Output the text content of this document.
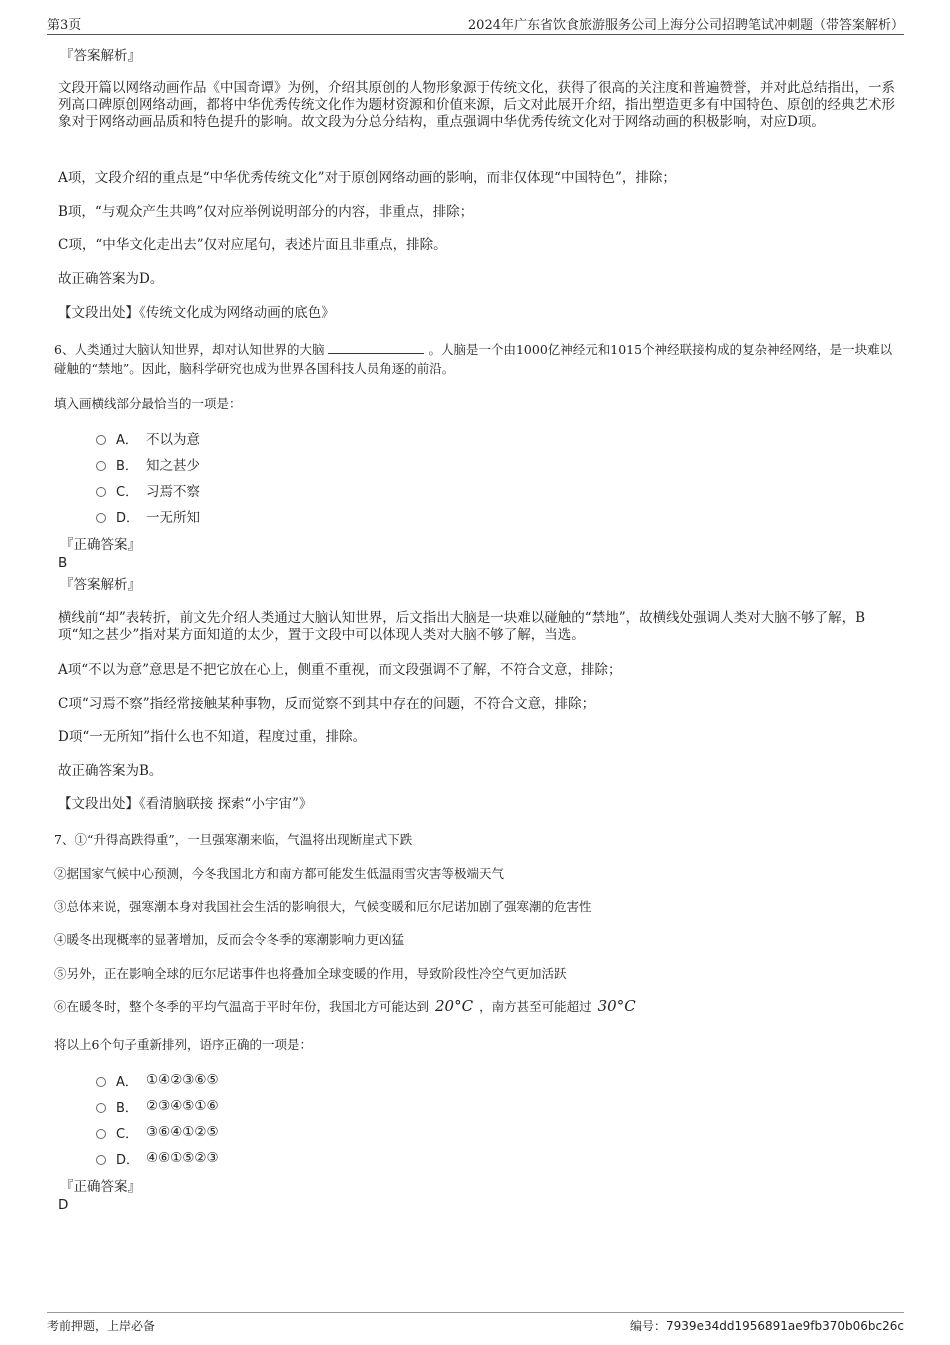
第3页	2024年广东省饮食旅游服务公司上海分公司招聘笔试冲刺题（带答案解析）
『答案解析』
文段开篇以网络动画作品《中国奇谭》为例，介绍其原创的人物形象源于传统文化，获得了很高的关注度和普遍赞誉，并对此总结指出，一系列高口碑原创网络动画，都将中华优秀传统文化作为题材资源和价值来源，后文对此展开介绍，指出塑造更多有中国特色、原创的经典艺术形象对于网络动画品质和特色提升的影响。故文段为分总分结构，重点强调中华优秀传统文化对于网络动画的积极影响，对应D项。
A项，文段介绍的重点是“中华优秀传统文化”对于原创网络动画的影响，而非仅体现“中国特色”，排除；
B项，“与观众产生共鸣”仅对应举例说明部分的内容，非重点，排除；
C项，“中华文化走出去”仅对应尾句，表述片面且非重点，排除。
故正确答案为D。
【文段出处】《传统文化成为网络动画的底色》
6、人类通过大脑认知世界，却对认知世界的大脑	。人脑是一个由1000亿神经元和1015个神经联接构成的复杂神经网络，是一块难以碰触的“禁地”。因此，脑科学研究也成为世界各国科技人员角逐的前沿。
填入画横线部分最恰当的一项是：
A． 不以为意
B． 知之甚少
C． 习焉不察
D． 一无所知
『正确答案』
B
『答案解析』
横线前“却”表转折，前文先介绍人类通过大脑认知世界，后文指出大脑是一块难以碰触的“禁地”，故横线处强调人类对大脑不够了解，B项“知之甚少”指对某方面知道的太少，置于文段中可以体现人类对大脑不够了解，当选。
A项“不以为意”意思是不把它放在心上，侧重不重视，而文段强调不了解，不符合文意，排除；
C项“习焉不察”指经常接触某种事物，反而觉察不到其中存在的问题，不符合文意，排除；
D项“一无所知”指什么也不知道，程度过重，排除。
故正确答案为B。
【文段出处】《看清脑联接 探索“小宇宙”》
7、①“升得高跌得重”，一旦强寒潮来临，气温将出现断崖式下跌
②据国家气候中心预测，今冬我国北方和南方都可能发生低温雨雪灾害等极端天气
③总体来说，强寒潮本身对我国社会生活的影响很大，气候变暖和厄尔尼诺加剧了强寒潮的危害性
④暖冬出现概率的显著增加，反而会令冬季的寒潮影响力更凶猛
⑤另外，正在影响全球的厄尔尼诺事件也将叠加全球变暖的作用，导致阶段性冷空气更加活跃
⑥在暖冬时，整个冬季的平均气温高于平时年份，我国北方可能达到 20°C ，南方甚至可能超过 30°C
将以上6个句子重新排列，语序正确的一项是：
A． ①④②③⑥⑤
B． ②③④⑤①⑥
C． ③⑥④①②⑤
D． ④⑥①⑤②③
『正确答案』
D
考前押题，上岸必备	编号：7939e34dd1956891ae9fb370b06bc26c
